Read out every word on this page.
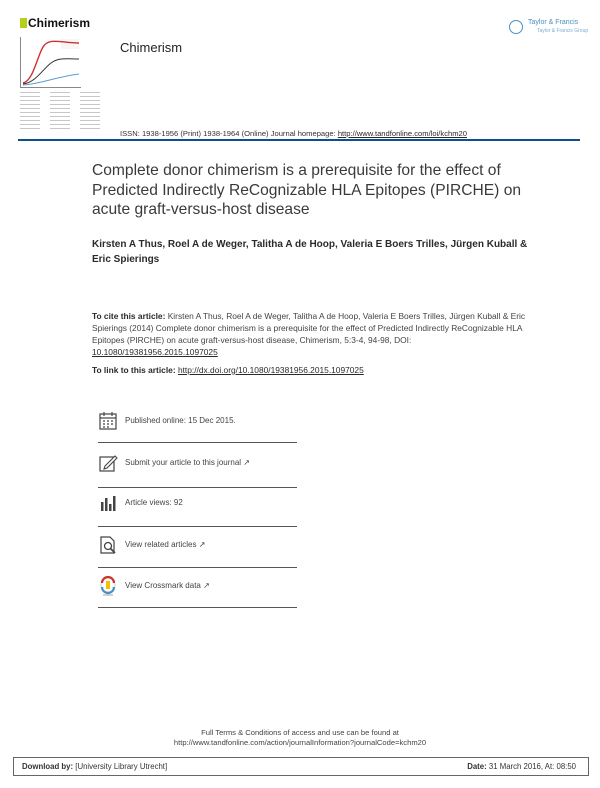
Chimerism
Chimerism
Taylor & Francis
Taylor & Francis Group
ISSN: 1938-1956 (Print) 1938-1964 (Online) Journal homepage: http://www.tandfonline.com/loi/kchm20
Complete donor chimerism is a prerequisite for the effect of Predicted Indirectly ReCognizable HLA Epitopes (PIRCHE) on acute graft-versus-host disease
Kirsten A Thus, Roel A de Weger, Talitha A de Hoop, Valeria E Boers Trilles, Jürgen Kuball & Eric Spierings
To cite this article: Kirsten A Thus, Roel A de Weger, Talitha A de Hoop, Valeria E Boers Trilles, Jürgen Kuball & Eric Spierings (2014) Complete donor chimerism is a prerequisite for the effect of Predicted Indirectly ReCognizable HLA Epitopes (PIRCHE) on acute graft-versus-host disease, Chimerism, 5:3-4, 94-98, DOI: 10.1080/19381956.2015.1097025
To link to this article: http://dx.doi.org/10.1080/19381956.2015.1097025
Published online: 15 Dec 2015.
Submit your article to this journal ↗
Article views: 92
View related articles ↗
View Crossmark data ↗
Full Terms & Conditions of access and use can be found at
http://www.tandfonline.com/action/journalInformation?journalCode=kchm20
Download by: [University Library Utrecht]	Date: 31 March 2016, At: 08:50
